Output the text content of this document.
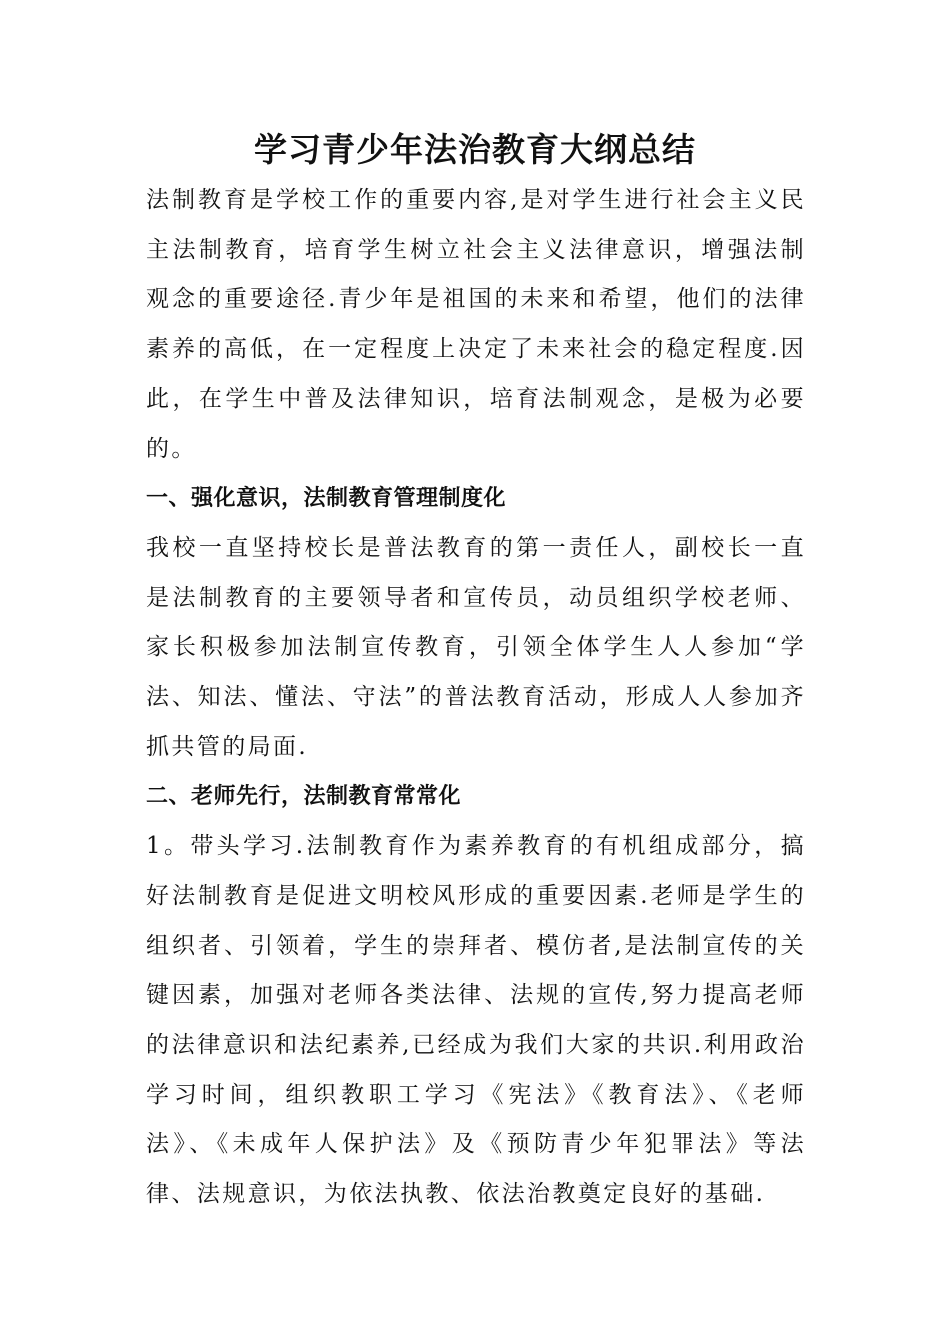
学习青少年法治教育大纲总结

法制教育是学校工作的重要内容,是对学生进行社会主义民主法制教育，培育学生树立社会主义法律意识，增强法制观念的重要途径.青少年是祖国的未来和希望，他们的法律素养的高低，在一定程度上决定了未来社会的稳定程度.因此，在学生中普及法律知识，培育法制观念，是极为必要的。

一、强化意识，法制教育管理制度化

我校一直坚持校长是普法教育的第一责任人，副校长一直是法制教育的主要领导者和宣传员，动员组织学校老师、家长积极参加法制宣传教育，引领全体学生人人参加“学法、知法、懂法、守法”的普法教育活动，形成人人参加齐抓共管的局面.

二、老师先行，法制教育常常化

1。带头学习.法制教育作为素养教育的有机组成部分，搞好法制教育是促进文明校风形成的重要因素.老师是学生的组织者、引领着，学生的崇拜者、模仿者,是法制宣传的关键因素，加强对老师各类法律、法规的宣传,努力提高老师的法律意识和法纪素养,已经成为我们大家的共识.利用政治学习时间，组织教职工学习《宪法》《教育法》、《老师法》、《未成年人保护法》及《预防青少年犯罪法》等法律、法规意识，为依法执教、依法治教奠定良好的基础.
